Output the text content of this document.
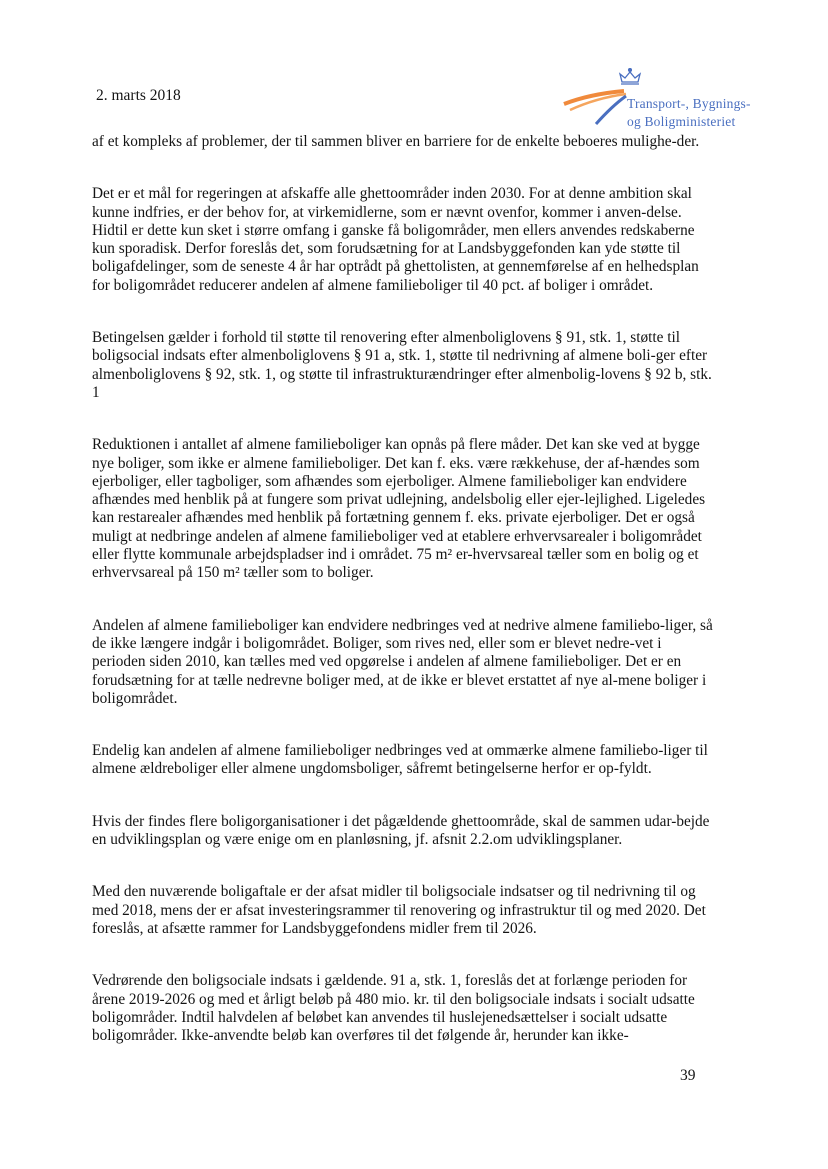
2. marts 2018	Transport-, Bygnings-
og Boligministeriet

af et kompleks af problemer, der til sammen bliver en barriere for de enkelte beboeres mulighe-der.

Det er et mål for regeringen at afskaffe alle ghettoområder inden 2030. For at denne ambition skal kunne indfries, er der behov for, at virkemidlerne, som er nævnt ovenfor, kommer i anven-delse. Hidtil er dette kun sket i større omfang i ganske få boligområder, men ellers anvendes redskaberne kun sporadisk. Derfor foreslås det, som forudsætning for at Landsbyggefonden kan yde støtte til boligafdelinger, som de seneste 4 år har optrådt på ghettolisten, at gennemførelse af en helhedsplan for boligområdet reducerer andelen af almene familieboliger til 40 pct. af boliger i området.

Betingelsen gælder i forhold til støtte til renovering efter almenboliglovens § 91, stk. 1, støtte til boligsocial indsats efter almenboliglovens § 91 a, stk. 1, støtte til nedrivning af almene boli-ger efter almenboliglovens § 92, stk. 1, og støtte til infrastrukturændringer efter almenbolig-lovens § 92 b, stk. 1

Reduktionen i antallet af almene familieboliger kan opnås på flere måder. Det kan ske ved at bygge nye boliger, som ikke er almene familieboliger. Det kan f. eks. være rækkehuse, der af-hændes som ejerboliger, eller tagboliger, som afhændes som ejerboliger. Almene familieboliger kan endvidere afhændes med henblik på at fungere som privat udlejning, andelsbolig eller ejer-lejlighed. Ligeledes kan restarealer afhændes med henblik på fortætning gennem f. eks. private ejerboliger. Det er også muligt at nedbringe andelen af almene familieboliger ved at etablere erhvervsarealer i boligområdet eller flytte kommunale arbejdspladser ind i området. 75 m² er-hvervsareal tæller som en bolig og et erhvervsareal på 150 m² tæller som to boliger.

Andelen af almene familieboliger kan endvidere nedbringes ved at nedrive almene familiebo-liger, så de ikke længere indgår i boligområdet. Boliger, som rives ned, eller som er blevet nedre-vet i perioden siden 2010, kan tælles med ved opgørelse i andelen af almene familieboliger. Det er en forudsætning for at tælle nedrevne boliger med, at de ikke er blevet erstattet af nye al-mene boliger i boligområdet.

Endelig kan andelen af almene familieboliger nedbringes ved at ommærke almene familiebo-liger til almene ældreboliger eller almene ungdomsboliger, såfremt betingelserne herfor er op-fyldt.

Hvis der findes flere boligorganisationer i det pågældende ghettoområde, skal de sammen udar-bejde en udviklingsplan og være enige om en planløsning, jf. afsnit 2.2.om udviklingsplaner.

Med den nuværende boligaftale er der afsat midler til boligsociale indsatser og til nedrivning til og med 2018, mens der er afsat investeringsrammer til renovering og infrastruktur til og med 2020. Det foreslås, at afsætte rammer for Landsbyggefondens midler frem til 2026.

Vedrørende den boligsociale indsats i gældende. 91 a, stk. 1, foreslås det at forlænge perioden for årene 2019-2026 og med et årligt beløb på 480 mio. kr. til den boligsociale indsats i socialt udsatte boligområder. Indtil halvdelen af beløbet kan anvendes til huslejenedsættelser i socialt udsatte boligområder. Ikke-anvendte beløb kan overføres til det følgende år, herunder kan ikke-

39
